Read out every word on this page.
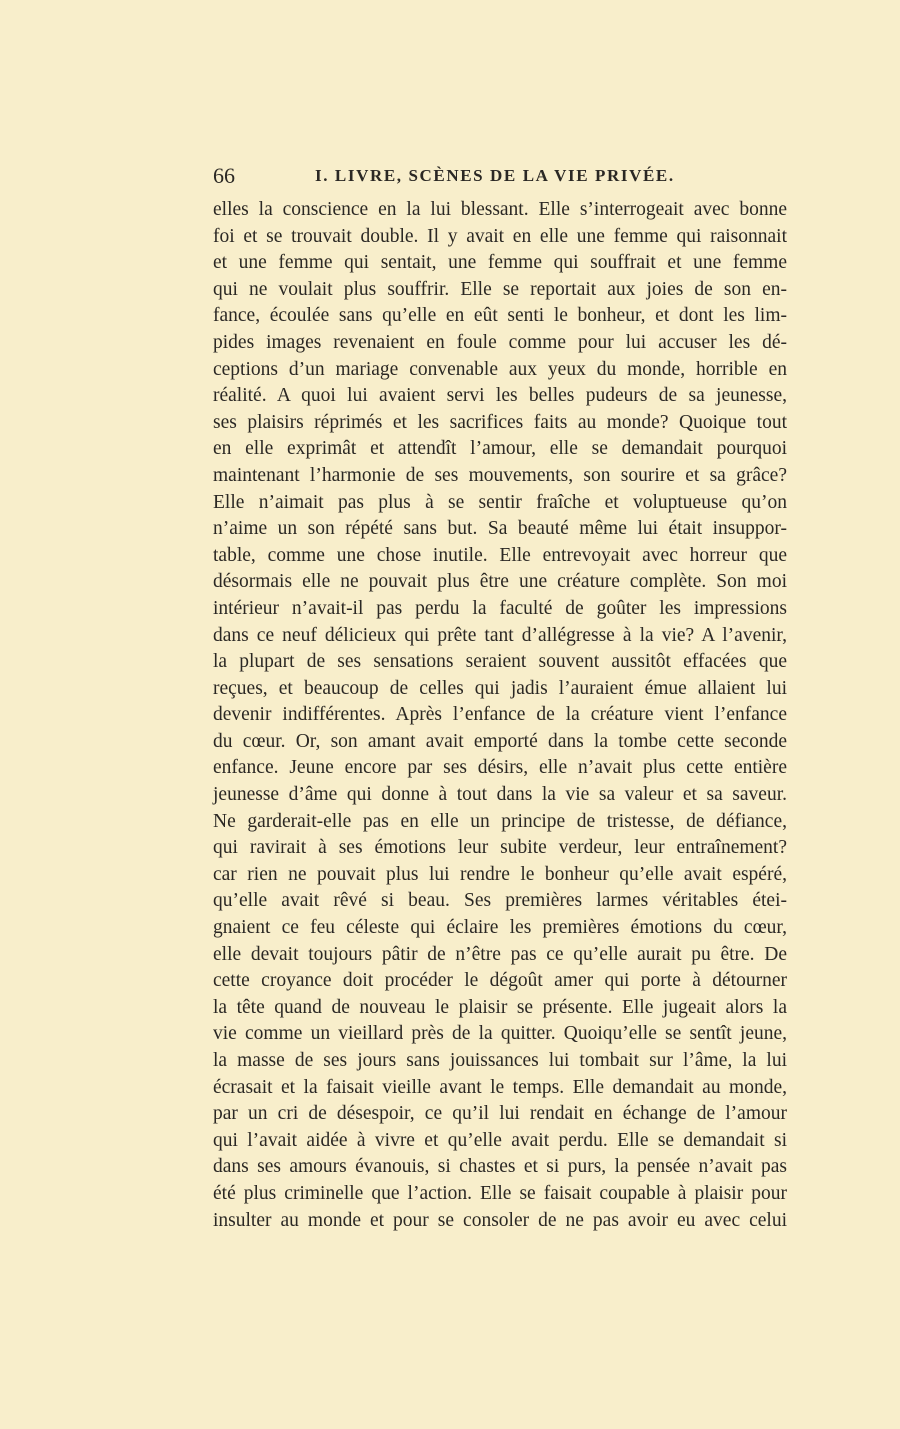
66	I. LIVRE, SCÈNES DE LA VIE PRIVÉE.
elles la conscience en la lui blessant. Elle s’interrogeait avec bonne
foi et se trouvait double. Il y avait en elle une femme qui raisonnait
et une femme qui sentait, une femme qui souffrait et une femme
qui ne voulait plus souffrir. Elle se reportait aux joies de son en-
fance, écoulée sans qu’elle en eût senti le bonheur, et dont les lim-
pides images revenaient en foule comme pour lui accuser les dé-
ceptions d’un mariage convenable aux yeux du monde, horrible en
réalité. A quoi lui avaient servi les belles pudeurs de sa jeunesse,
ses plaisirs réprimés et les sacrifices faits au monde? Quoique tout
en elle exprimât et attendît l’amour, elle se demandait pourquoi
maintenant l’harmonie de ses mouvements, son sourire et sa grâce?
Elle n’aimait pas plus à se sentir fraîche et voluptueuse qu’on
n’aime un son répété sans but. Sa beauté même lui était insuppor-
table, comme une chose inutile. Elle entrevoyait avec horreur que
désormais elle ne pouvait plus être une créature complète. Son moi
intérieur n’avait-il pas perdu la faculté de goûter les impressions
dans ce neuf délicieux qui prête tant d’allégresse à la vie? A l’avenir,
la plupart de ses sensations seraient souvent aussitôt effacées que
reçues, et beaucoup de celles qui jadis l’auraient émue allaient lui
devenir indifférentes. Après l’enfance de la créature vient l’enfance
du cœur. Or, son amant avait emporté dans la tombe cette seconde
enfance. Jeune encore par ses désirs, elle n’avait plus cette entière
jeunesse d’âme qui donne à tout dans la vie sa valeur et sa saveur.
Ne garderait-elle pas en elle un principe de tristesse, de défiance,
qui ravirait à ses émotions leur subite verdeur, leur entraînement?
car rien ne pouvait plus lui rendre le bonheur qu’elle avait espéré,
qu’elle avait rêvé si beau. Ses premières larmes véritables étei-
gnaient ce feu céleste qui éclaire les premières émotions du cœur,
elle devait toujours pâtir de n’être pas ce qu’elle aurait pu être. De
cette croyance doit procéder le dégoût amer qui porte à détourner
la tête quand de nouveau le plaisir se présente. Elle jugeait alors la
vie comme un vieillard près de la quitter. Quoiqu’elle se sentît jeune,
la masse de ses jours sans jouissances lui tombait sur l’âme, la lui
écrasait et la faisait vieille avant le temps. Elle demandait au monde,
par un cri de désespoir, ce qu’il lui rendait en échange de l’amour
qui l’avait aidée à vivre et qu’elle avait perdu. Elle se demandait si
dans ses amours évanouis, si chastes et si purs, la pensée n’avait pas
été plus criminelle que l’action. Elle se faisait coupable à plaisir pour
insulter au monde et pour se consoler de ne pas avoir eu avec celui
